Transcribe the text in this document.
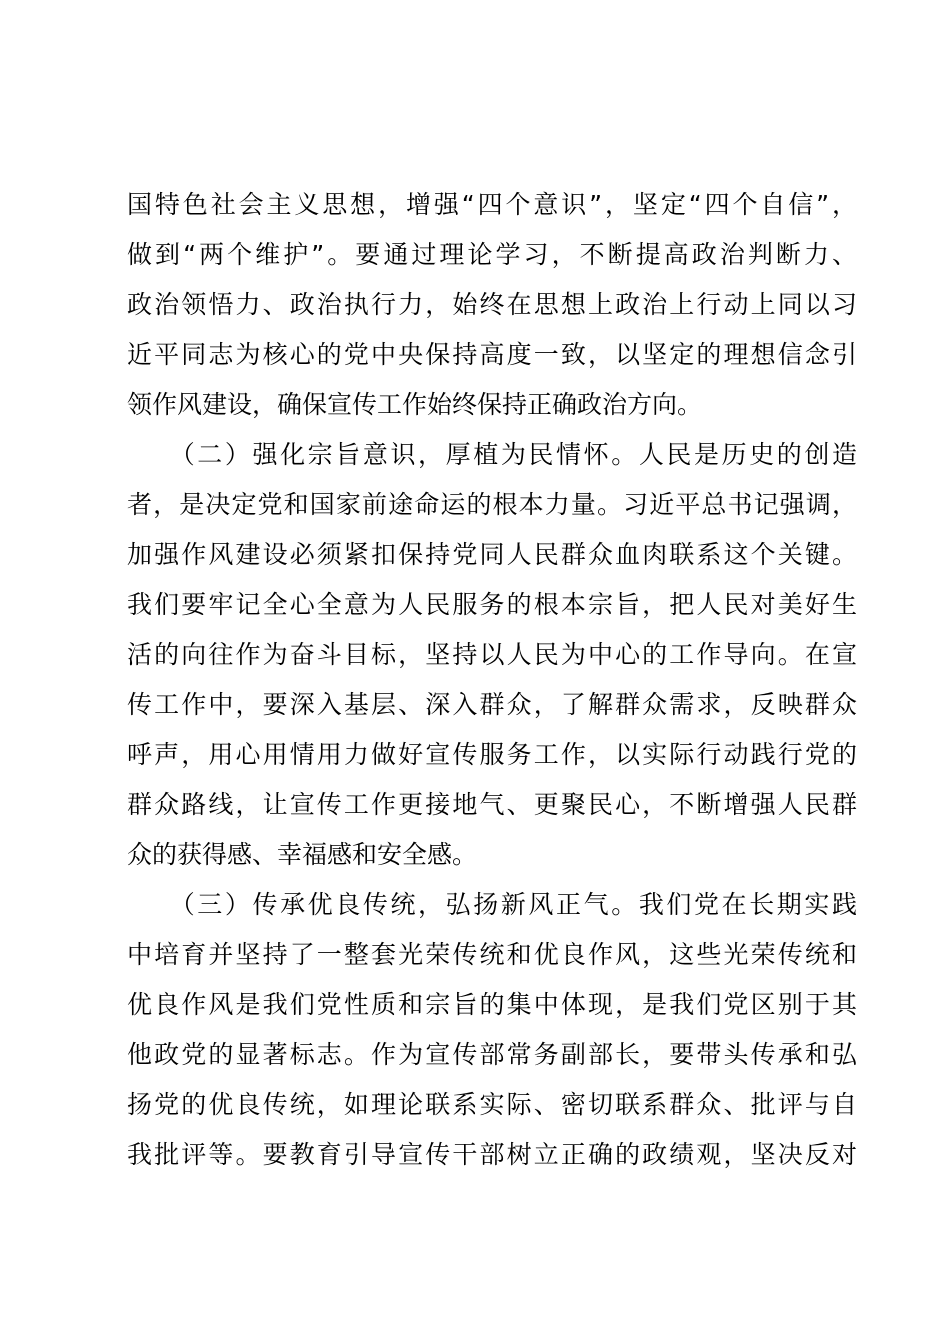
国特色社会主义思想，增强“四个意识”，坚定“四个自信”，
做到“两个维护”。要通过理论学习，不断提高政治判断力、
政治领悟力、政治执行力，始终在思想上政治上行动上同以习
近平同志为核心的党中央保持高度一致，以坚定的理想信念引
领作风建设，确保宣传工作始终保持正确政治方向。
　　（二）强化宗旨意识，厚植为民情怀。人民是历史的创造
者，是决定党和国家前途命运的根本力量。习近平总书记强调，
加强作风建设必须紧扣保持党同人民群众血肉联系这个关键。
我们要牢记全心全意为人民服务的根本宗旨，把人民对美好生
活的向往作为奋斗目标，坚持以人民为中心的工作导向。在宣
传工作中，要深入基层、深入群众，了解群众需求，反映群众
呼声，用心用情用力做好宣传服务工作，以实际行动践行党的
群众路线，让宣传工作更接地气、更聚民心，不断增强人民群
众的获得感、幸福感和安全感。
　　（三）传承优良传统，弘扬新风正气。我们党在长期实践
中培育并坚持了一整套光荣传统和优良作风，这些光荣传统和
优良作风是我们党性质和宗旨的集中体现，是我们党区别于其
他政党的显著标志。作为宣传部常务副部长，要带头传承和弘
扬党的优良传统，如理论联系实际、密切联系群众、批评与自
我批评等。要教育引导宣传干部树立正确的政绩观，坚决反对
